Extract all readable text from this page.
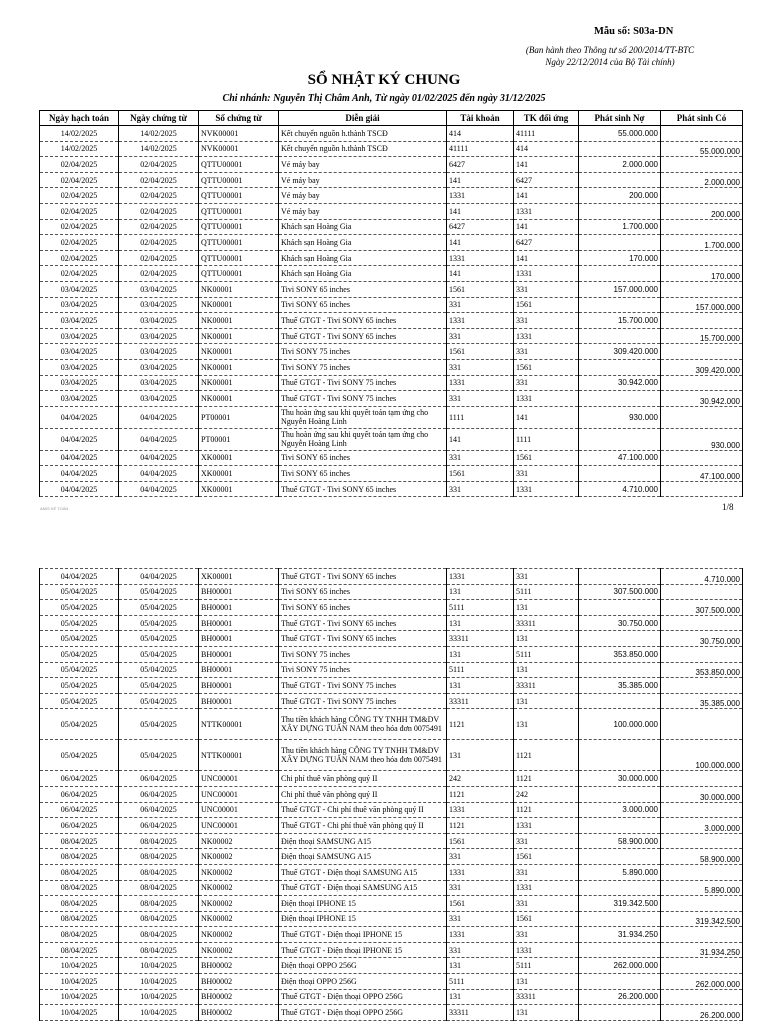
Mẫu số: S03a-DN
(Ban hành theo Thông tư số 200/2014/TT-BTC
Ngày 22/12/2014 của Bộ Tài chính)
SỔ NHẬT KÝ CHUNG
Chi nhánh: Nguyễn Thị Châm Anh, Từ ngày 01/02/2025 đến ngày 31/12/2025
Ngày hạch toán	Ngày chứng từ	Số chứng từ	Diễn giải	Tài khoản	TK đối ứng	Phát sinh Nợ	Phát sinh Có
14/02/2025	14/02/2025	NVK00001	Kết chuyển nguồn h.thành TSCĐ	414	41111	55.000.000	
14/02/2025	14/02/2025	NVK00001	Kết chuyển nguồn h.thành TSCĐ	41111	414		55.000.000
02/04/2025	02/04/2025	QTTU00001	Vé máy bay	6427	141	2.000.000	
02/04/2025	02/04/2025	QTTU00001	Vé máy bay	141	6427		2.000.000
02/04/2025	02/04/2025	QTTU00001	Vé máy bay	1331	141	200.000	
02/04/2025	02/04/2025	QTTU00001	Vé máy bay	141	1331		200.000
02/04/2025	02/04/2025	QTTU00001	Khách sạn Hoàng Gia	6427	141	1.700.000	
02/04/2025	02/04/2025	QTTU00001	Khách sạn Hoàng Gia	141	6427		1.700.000
02/04/2025	02/04/2025	QTTU00001	Khách sạn Hoàng Gia	1331	141	170.000	
02/04/2025	02/04/2025	QTTU00001	Khách sạn Hoàng Gia	141	1331		170.000
03/04/2025	03/04/2025	NK00001	Tivi SONY 65 inches	1561	331	157.000.000	
03/04/2025	03/04/2025	NK00001	Tivi SONY 65 inches	331	1561		157.000.000
03/04/2025	03/04/2025	NK00001	Thuế GTGT - Tivi SONY 65 inches	1331	331	15.700.000	
03/04/2025	03/04/2025	NK00001	Thuế GTGT - Tivi SONY 65 inches	331	1331		15.700.000
03/04/2025	03/04/2025	NK00001	Tivi SONY 75 inches	1561	331	309.420.000	
03/04/2025	03/04/2025	NK00001	Tivi SONY 75 inches	331	1561		309.420.000
03/04/2025	03/04/2025	NK00001	Thuế GTGT - Tivi SONY 75 inches	1331	331	30.942.000	
03/04/2025	03/04/2025	NK00001	Thuế GTGT - Tivi SONY 75 inches	331	1331		30.942.000
04/04/2025	04/04/2025	PT00001	Thu hoàn ứng sau khi quyết toán tạm ứng cho Nguyễn Hoàng Linh	1111	141	930.000	
04/04/2025	04/04/2025	PT00001	Thu hoàn ứng sau khi quyết toán tạm ứng cho Nguyễn Hoàng Linh	141	1111		930.000
04/04/2025	04/04/2025	XK00001	Tivi SONY 65 inches	331	1561	47.100.000	
04/04/2025	04/04/2025	XK00001	Tivi SONY 65 inches	1561	331		47.100.000
04/04/2025	04/04/2025	XK00001	Thuế GTGT - Tivi SONY 65 inches	331	1331	4.710.000	
AMIS KẾ TOÁN	1/8
04/04/2025	04/04/2025	XK00001	Thuế GTGT - Tivi SONY 65 inches	1331	331		4.710.000
05/04/2025	05/04/2025	BH00001	Tivi SONY 65 inches	131	5111	307.500.000	
05/04/2025	05/04/2025	BH00001	Tivi SONY 65 inches	5111	131		307.500.000
05/04/2025	05/04/2025	BH00001	Thuế GTGT - Tivi SONY 65 inches	131	33311	30.750.000	
05/04/2025	05/04/2025	BH00001	Thuế GTGT - Tivi SONY 65 inches	33311	131		30.750.000
05/04/2025	05/04/2025	BH00001	Tivi SONY 75 inches	131	5111	353.850.000	
05/04/2025	05/04/2025	BH00001	Tivi SONY 75 inches	5111	131		353.850.000
05/04/2025	05/04/2025	BH00001	Thuế GTGT - Tivi SONY 75 inches	131	33311	35.385.000	
05/04/2025	05/04/2025	BH00001	Thuế GTGT - Tivi SONY 75 inches	33311	131		35.385.000
05/04/2025	05/04/2025	NTTK00001	Thu tiền khách hàng CÔNG TY TNHH TM&DV XÂY DỰNG TUẤN NAM theo hóa đơn 0075491	1121	131	100.000.000	
05/04/2025	05/04/2025	NTTK00001	Thu tiền khách hàng CÔNG TY TNHH TM&DV XÂY DỰNG TUẤN NAM theo hóa đơn 0075491	131	1121		100.000.000
06/04/2025	06/04/2025	UNC00001	Chi phí thuê văn phòng quý II	242	1121	30.000.000	
06/04/2025	06/04/2025	UNC00001	Chi phí thuê văn phòng quý II	1121	242		30.000.000
06/04/2025	06/04/2025	UNC00001	Thuế GTGT - Chi phí thuê văn phòng quý II	1331	1121	3.000.000	
06/04/2025	06/04/2025	UNC00001	Thuế GTGT - Chi phí thuê văn phòng quý II	1121	1331		3.000.000
08/04/2025	08/04/2025	NK00002	Điện thoại SAMSUNG A15	1561	331	58.900.000	
08/04/2025	08/04/2025	NK00002	Điện thoại SAMSUNG A15	331	1561		58.900.000
08/04/2025	08/04/2025	NK00002	Thuế GTGT - Điện thoại SAMSUNG A15	1331	331	5.890.000	
08/04/2025	08/04/2025	NK00002	Thuế GTGT - Điện thoại SAMSUNG A15	331	1331		5.890.000
08/04/2025	08/04/2025	NK00002	Điện thoại IPHONE 15	1561	331	319.342.500	
08/04/2025	08/04/2025	NK00002	Điện thoại IPHONE 15	331	1561		319.342.500
08/04/2025	08/04/2025	NK00002	Thuế GTGT - Điện thoại IPHONE 15	1331	331	31.934.250	
08/04/2025	08/04/2025	NK00002	Thuế GTGT - Điện thoại IPHONE 15	331	1331		31.934.250
10/04/2025	10/04/2025	BH00002	Điện thoại OPPO 256G	131	5111	262.000.000	
10/04/2025	10/04/2025	BH00002	Điện thoại OPPO 256G	5111	131		262.000.000
10/04/2025	10/04/2025	BH00002	Thuế GTGT - Điện thoại OPPO 256G	131	33311	26.200.000	
10/04/2025	10/04/2025	BH00002	Thuế GTGT - Điện thoại OPPO 256G	33311	131		26.200.000
